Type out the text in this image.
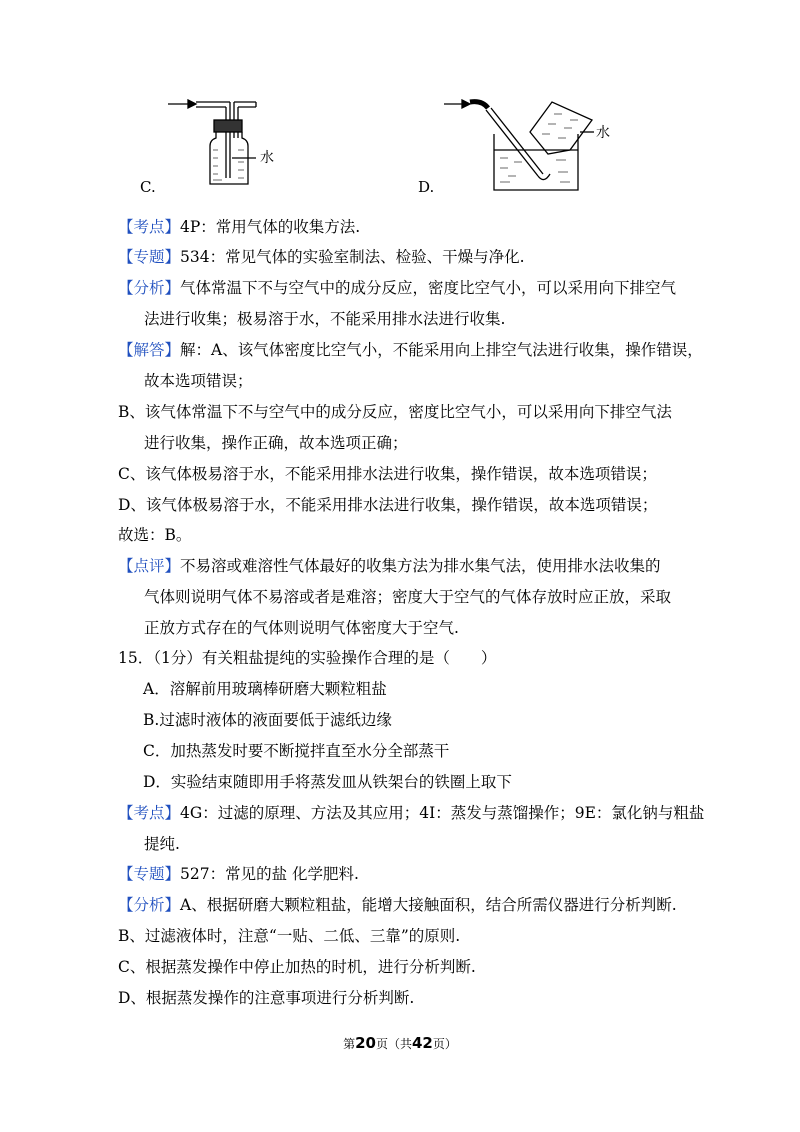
水
C.
水
D.
【考点】4P：常用气体的收集方法.
【专题】534：常见气体的实验室制法、检验、干燥与净化.
【分析】气体常温下不与空气中的成分反应，密度比空气小，可以采用向下排空气
法进行收集；极易溶于水，不能采用排水法进行收集.
【解答】解：A、该气体密度比空气小，不能采用向上排空气法进行收集，操作错误，
故本选项错误；
B、该气体常温下不与空气中的成分反应，密度比空气小，可以采用向下排空气法
进行收集，操作正确，故本选项正确；
C、该气体极易溶于水，不能采用排水法进行收集，操作错误，故本选项错误；
D、该气体极易溶于水，不能采用排水法进行收集，操作错误，故本选项错误；
故选：B。
【点评】不易溶或难溶性气体最好的收集方法为排水集气法，使用排水法收集的
气体则说明气体不易溶或者是难溶；密度大于空气的气体存放时应正放，采取
正放方式存在的气体则说明气体密度大于空气.
15．（1分）有关粗盐提纯的实验操作合理的是（　　）
A．溶解前用玻璃棒研磨大颗粒粗盐
B.过滤时液体的液面要低于滤纸边缘
C．加热蒸发时要不断搅拌直至水分全部蒸干
D．实验结束随即用手将蒸发皿从铁架台的铁圈上取下
【考点】4G：过滤的原理、方法及其应用；4I：蒸发与蒸馏操作；9E：氯化钠与粗盐
提纯.
【专题】527：常见的盐 化学肥料.
【分析】A、根据研磨大颗粒粗盐，能增大接触面积，结合所需仪器进行分析判断.
B、过滤液体时，注意“一贴、二低、三靠”的原则.
C、根据蒸发操作中停止加热的时机，进行分析判断.
D、根据蒸发操作的注意事项进行分析判断.
第20页（共42页）
